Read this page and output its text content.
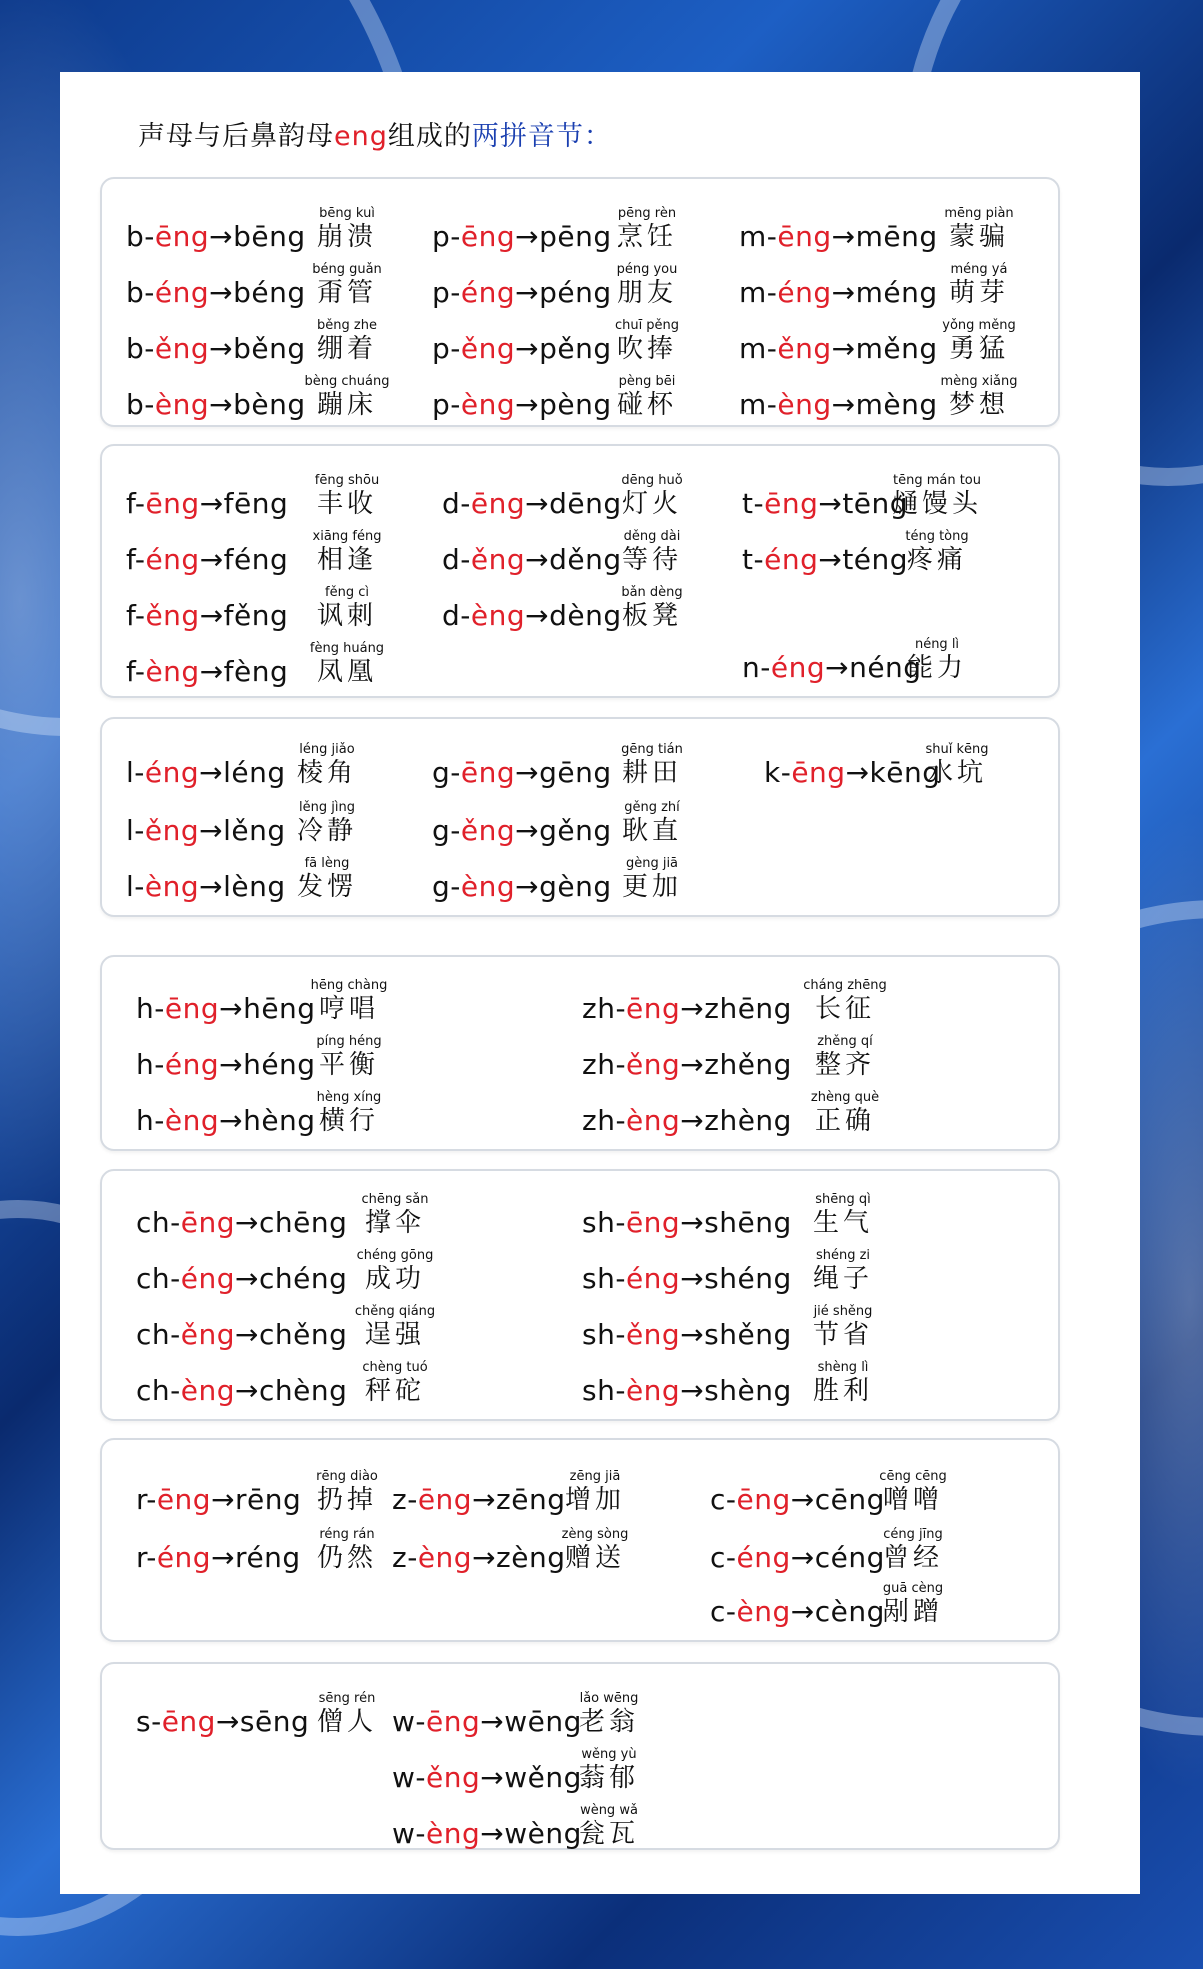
声母与后鼻韵母eng组成的两拼音节：
b-ēng→bēng
bēng kuì
崩溃
b-éng→béng
béng guǎn
甭管
b-ěng→běng
běng zhe
绷着
b-èng→bèng
bèng chuáng
蹦床
p-ēng→pēng
pēng rèn
烹饪
p-éng→péng
péng you
朋友
p-ěng→pěng
chuī pěng
吹捧
p-èng→pèng
pèng bēi
碰杯
m-ēng→mēng
mēng piàn
蒙骗
m-éng→méng
méng yá
萌芽
m-ěng→měng
yǒng měng
勇猛
m-èng→mèng
mèng xiǎng
梦想
f-ēng→fēng
fēng shōu
丰收
f-éng→féng
xiāng féng
相逢
f-ěng→fěng
fěng cì
讽刺
f-èng→fèng
fèng huáng
凤凰
d-ēng→dēng
dēng huǒ
灯火
d-ěng→děng
děng dài
等待
d-èng→dèng
bǎn dèng
板凳
t-ēng→tēng
tēng mán tou
熥馒头
t-éng→téng
téng tòng
疼痛
n-éng→néng
néng lì
能力
l-éng→léng
léng jiǎo
棱角
l-ěng→lěng
lěng jìng
冷静
l-èng→lèng
fā lèng
发愣
g-ēng→gēng
gēng tián
耕田
g-ěng→gěng
gěng zhí
耿直
g-èng→gèng
gèng jiā
更加
k-ēng→kēng
shuǐ kēng
水坑
h-ēng→hēng
hēng chàng
哼唱
h-éng→héng
píng héng
平衡
h-èng→hèng
hèng xíng
横行
zh-ēng→zhēng
cháng zhēng
长征
zh-ěng→zhěng
zhěng qí
整齐
zh-èng→zhèng
zhèng què
正确
ch-ēng→chēng
chēng sǎn
撑伞
ch-éng→chéng
chéng gōng
成功
ch-ěng→chěng
chěng qiáng
逞强
ch-èng→chèng
chèng tuó
秤砣
sh-ēng→shēng
shēng qì
生气
sh-éng→shéng
shéng zi
绳子
sh-ěng→shěng
jié shěng
节省
sh-èng→shèng
shèng lì
胜利
r-ēng→rēng
rēng diào
扔掉
r-éng→réng
réng rán
仍然
z-ēng→zēng
zēng jiā
增加
z-èng→zèng
zèng sòng
赠送
c-ēng→cēng
cēng cēng
噌噌
c-éng→céng
céng jīng
曾经
c-èng→cèng
guā cèng
剐蹭
s-ēng→sēng
sēng rén
僧人 w-ēng→wēng
lǎo wēng
老翁
w-ěng→wěng
wěng yù
蓊郁
w-èng→wèng
wèng wǎ
瓮瓦
